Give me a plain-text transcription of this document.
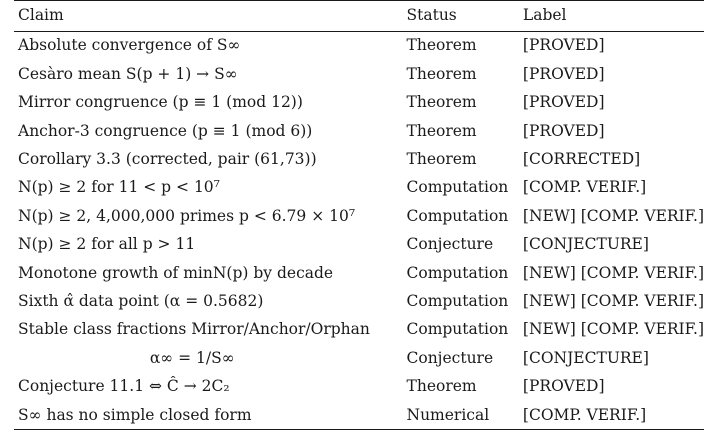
Claim	Status	Label
Absolute convergence of S∞	Theorem	[PROVED]
Cesàro mean S(p + 1) → S∞	Theorem	[PROVED]
Mirror congruence (p ≡ 1 (mod 12))	Theorem	[PROVED]
Anchor-3 congruence (p ≡ 1 (mod 6))	Theorem	[PROVED]
Corollary 3.3 (corrected, pair (61,73))	Theorem	[CORRECTED]
N(p) ≥ 2 for 11 < p < 10⁷	Computation	[COMP. VERIF.]
N(p) ≥ 2, 4,000,000 primes p < 6.79 × 10⁷	Computation	[NEW] [COMP. VERIF.]
N(p) ≥ 2 for all p > 11	Conjecture	[CONJECTURE]
Monotone growth of minN(p) by decade	Computation	[NEW] [COMP. VERIF.]
Sixth α̂ data point (α = 0.5682)	Computation	[NEW] [COMP. VERIF.]
Stable class fractions Mirror/Anchor/Orphan	Computation	[NEW] [COMP. VERIF.]
α∞ = 1/S∞	Conjecture	[CONJECTURE]
Conjecture 11.1 ⇔ Ĉ → 2C₂	Theorem	[PROVED]
S∞ has no simple closed form	Numerical	[COMP. VERIF.]
